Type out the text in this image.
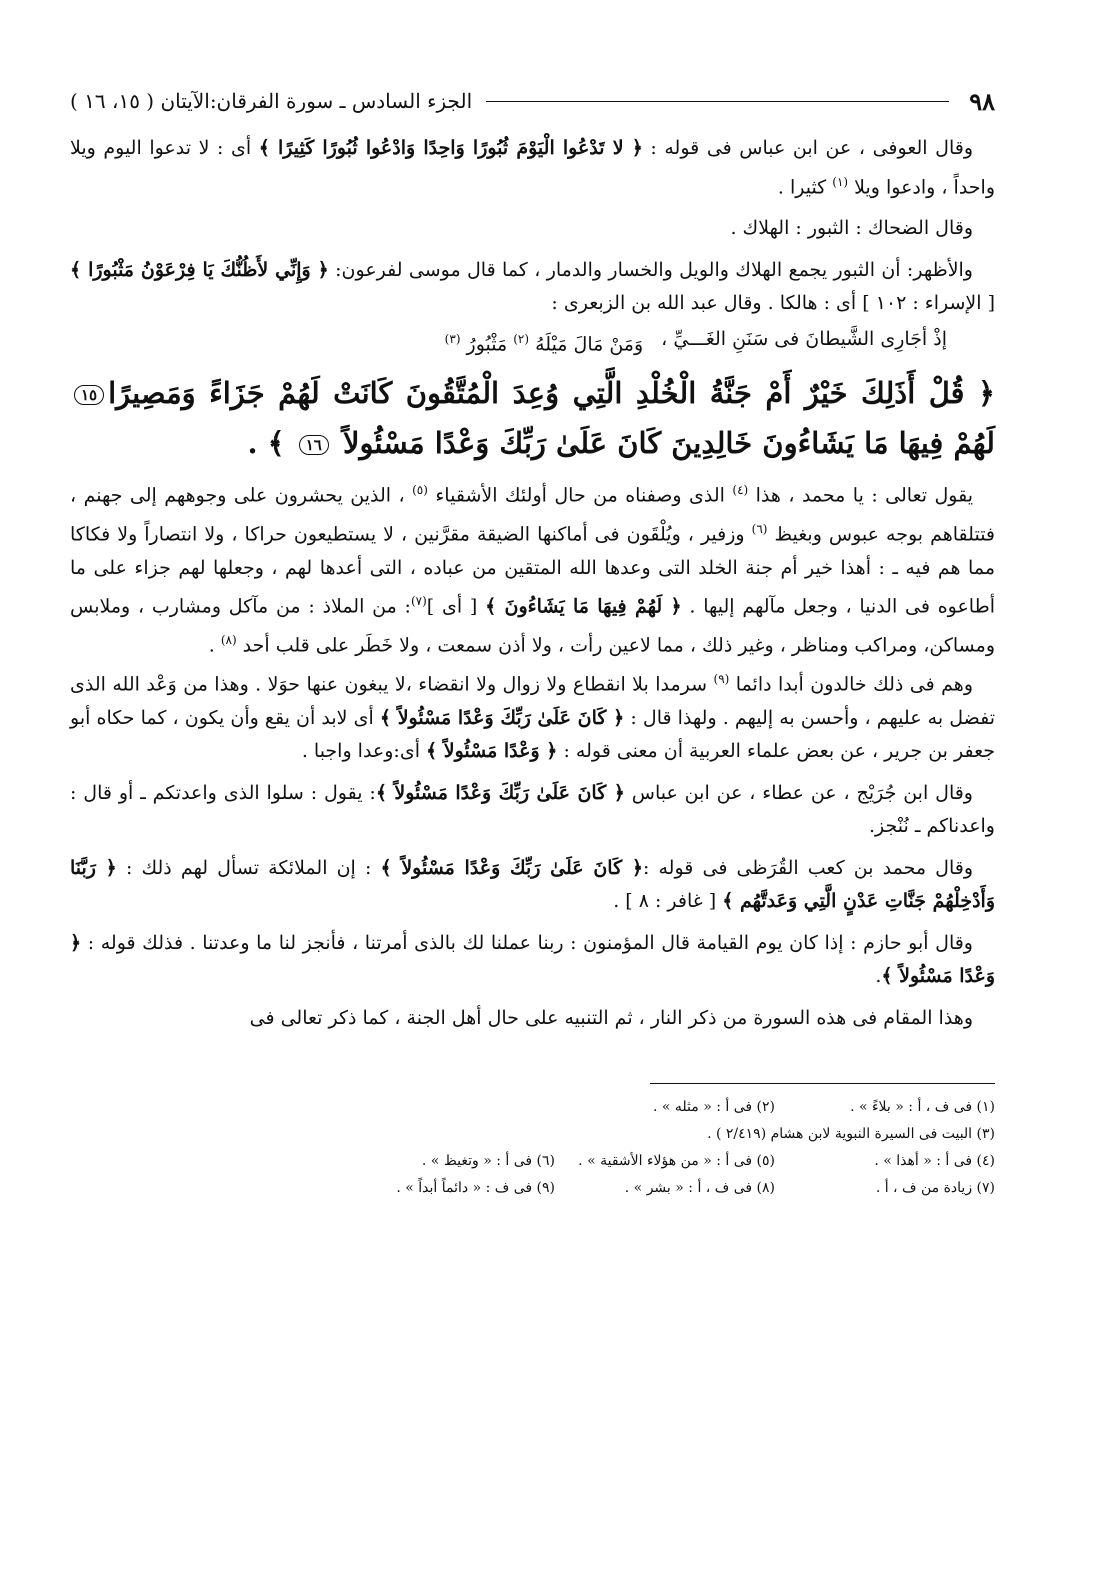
٩٨
الجزء السادس ـ سورة الفرقان:الآيتان ( ١٥، ١٦ )

وقال العوفى ، عن ابن عباس فى قوله : ﴿ لا تَدْعُوا الْيَوْمَ ثُبُورًا وَاحِدًا وَادْعُوا ثُبُورًا كَثِيرًا ﴾ أى : لا تدعوا اليوم ويلا واحداً ، وادعوا ويلا $^{(١)}$ كثيرا .

وقال الضحاك : الثبور : الهلاك .

والأظهر: أن الثبور يجمع الهلاك والويل والخسار والدمار ، كما قال موسى لفرعون: ﴿ وَإِنِّي لأَظُنُّكَ يَا فِرْعَوْنُ مَثْبُورًا ﴾ [ الإسراء : ١٠٢ ] أى : هالكا . وقال عبد الله بن الزبعرى :

إذْ أجَارِى الشَّيطانَ فى سَنَنِ الغَـــيِّ ،
وَمَنْ مَالَ مَيْلَهُ $^{(٢)}$ مَثْبُورُ $^{(٣)}$
﴿ قُلْ أَذَلِكَ خَيْرٌ أَمْ جَنَّةُ الْخُلْدِ الَّتِي وُعِدَ الْمُتَّقُونَ كَانَتْ لَهُمْ جَزَاءً وَمَصِيرًا١٥ لَهُمْ فِيهَا مَا يَشَاءُونَ خَالِدِينَ كَانَ عَلَىٰ رَبِّكَ وَعْدًا مَسْئُولاً ١٦ ﴾ .

يقول تعالى : يا محمد ، هذا $^{(٤)}$ الذى وصفناه من حال أولئك الأشقياء $^{(٥)}$ ، الذين يحشرون على وجوههم إلى جهنم ، فتتلقاهم بوجه عبوس وبغيظ $^{(٦)}$ وزفير ، ويُلْقَون فى أماكنها الضيقة مقرَّنين ، لا يستطيعون حراكا ، ولا انتصاراً ولا فكاكا مما هم فيه ـ : أهذا خير أم جنة الخلد التى وعدها الله المتقين من عباده ، التى أعدها لهم ، وجعلها لهم جزاء على ما أطاعوه فى الدنيا ، وجعل مآلهم إليها . ﴿ لَهُمْ فِيهَا مَا يَشَاءُونَ ﴾ [ أى ]$^{(٧)}$: من الملاذ : من مآكل ومشارب ، وملابس ومساكن، ومراكب ومناظر ، وغير ذلك ، مما لاعين رأت ، ولا أذن سمعت ، ولا خَطَر على قلب أحد $^{(٨)}$ .

وهم فى ذلك خالدون أبدا دائما $^{(٩)}$ سرمدا بلا انقطاع ولا زوال ولا انقضاء ،لا يبغون عنها حوَلا . وهذا من وَعْد الله الذى تفضل به عليهم ، وأحسن به إليهم . ولهذا قال : ﴿ كَانَ عَلَىٰ رَبِّكَ وَعْدًا مَسْئُولاً ﴾ أى لابد أن يقع وأن يكون ، كما حكاه أبو جعفر بن جرير ، عن بعض علماء العربية أن معنى قوله : ﴿ وَعْدًا مَسْئُولاً ﴾ أى:وعدا واجبا .

وقال ابن جُرَيْج ، عن عطاء ، عن ابن عباس ﴿ كَانَ عَلَىٰ رَبِّكَ وَعْدًا مَسْئُولاً ﴾: يقول : سلوا الذى واعدتكم ـ أو قال : واعدناكم ـ نُنْجز.

وقال محمد بن كعب القُرَظى فى قوله :﴿ كَانَ عَلَىٰ رَبِّكَ وَعْدًا مَسْئُولاً ﴾ : إن الملائكة تسأل لهم ذلك : ﴿ رَبَّنَا وَأَدْخِلْهُمْ جَنَّاتِ عَدْنٍ الَّتِي وَعَدتَّهُم ﴾ [ غافر : ٨ ] .

وقال أبو حازم : إذا كان يوم القيامة قال المؤمنون : ربنا عملنا لك بالذى أمرتنا ، فأنجز لنا ما وعدتنا . فذلك قوله : ﴿ وَعْدًا مَسْئُولاً ﴾.

وهذا المقام فى هذه السورة من ذكر النار ، ثم التنبيه على حال أهل الجنة ، كما ذكر تعالى فى

(١) فى ف ، أ : « بلاءً » .
(٢) فى أ : « مثله » .
(٣) البيت فى السيرة النبوية لابن هشام (٢/٤١٩ ) .
(٤) فى أ : « أهذا » .
(٥) فى أ : « من هؤلاء الأشقية » .
(٦) فى أ : « وتغيظ » .
(٧) زيادة من ف ، أ .
(٨) فى ف ، أ : « بشر » .
(٩) فى ف : « دائماً أبداً » .
